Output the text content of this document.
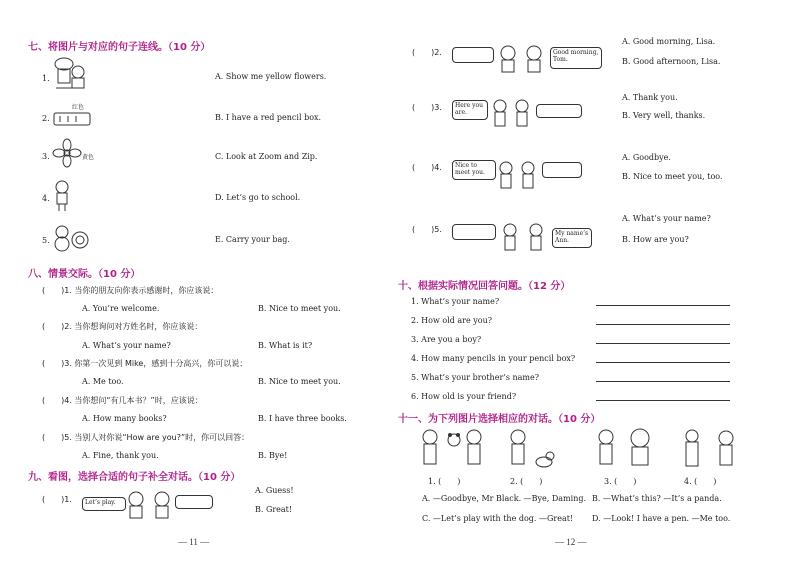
七、将图片与对应的句子连线。（10 分）
1.
2.
红色
3.	黄色
4.
5.
A. Show me yellow flowers.
B. I have a red pencil box.
C. Look at Zoom and Zip.
D. Let’s go to school.
E. Carry your bag.
八、情景交际。（10 分）
(　　)1. 当你的朋友向你表示感谢时，你应该说：
A. You’re welcome.	B. Nice to meet you.
(　　)2. 当你想询问对方姓名时，你应该说：
A. What’s your name?	B. What is it?
(　　)3. 你第一次见到 Mike，感到十分高兴，你可以说：
A. Me too.	B. Nice to meet you.
(　　)4. 当你想问“有几本书？”时，应该说：
A. How many books?	B. I have three books.
(　　)5. 当别人对你说“How are you?”时，你可以回答：
A. Fine, thank you.	B. Bye!
九、看图，选择合适的句子补全对话。（10 分）
(　　)1.	Let’s play.
A. Guess!
B. Great!
— 11 —
(　　)2.	Good morning, Tom.
A. Good morning, Lisa.
B. Good afternoon, Lisa.
(　　)3.	Here you are.
A. Thank you.
B. Very well, thanks.
(　　)4.	Nice to meet you.
A. Goodbye.
B. Nice to meet you, too.
(　　)5.	My name’s Ann.
A. What’s your name?
B. How are you?
十、根据实际情况回答问题。（12 分）
1. What’s your name?
2. How old are you?
3. Are you a boy?
4. How many pencils in your pencil box?
5. What’s your brother’s name?
6. How old is your friend?
十一、为下列图片选择相应的对话。（10 分）
1. (　　)	2. (　　)	3. (　　)	4. (　　)
A. —Goodbye, Mr Black. —Bye, Daming. B. —What’s this? —It’s a panda.
C. —Let’s play with the dog. —Great! D. —Look! I have a pen. —Me too.
— 12 —
